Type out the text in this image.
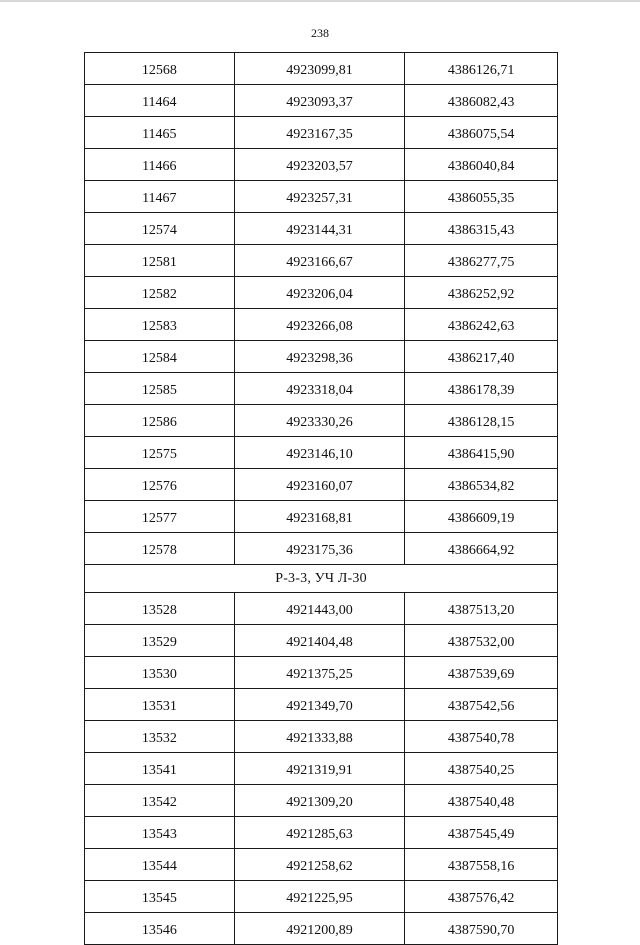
238
12568	4923099,81	4386126,71
11464	4923093,37	4386082,43
11465	4923167,35	4386075,54
11466	4923203,57	4386040,84
11467	4923257,31	4386055,35
12574	4923144,31	4386315,43
12581	4923166,67	4386277,75
12582	4923206,04	4386252,92
12583	4923266,08	4386242,63
12584	4923298,36	4386217,40
12585	4923318,04	4386178,39
12586	4923330,26	4386128,15
12575	4923146,10	4386415,90
12576	4923160,07	4386534,82
12577	4923168,81	4386609,19
12578	4923175,36	4386664,92
Р-3-3, УЧ Л-30		
13528	4921443,00	4387513,20
13529	4921404,48	4387532,00
13530	4921375,25	4387539,69
13531	4921349,70	4387542,56
13532	4921333,88	4387540,78
13541	4921319,91	4387540,25
13542	4921309,20	4387540,48
13543	4921285,63	4387545,49
13544	4921258,62	4387558,16
13545	4921225,95	4387576,42
13546	4921200,89	4387590,70
